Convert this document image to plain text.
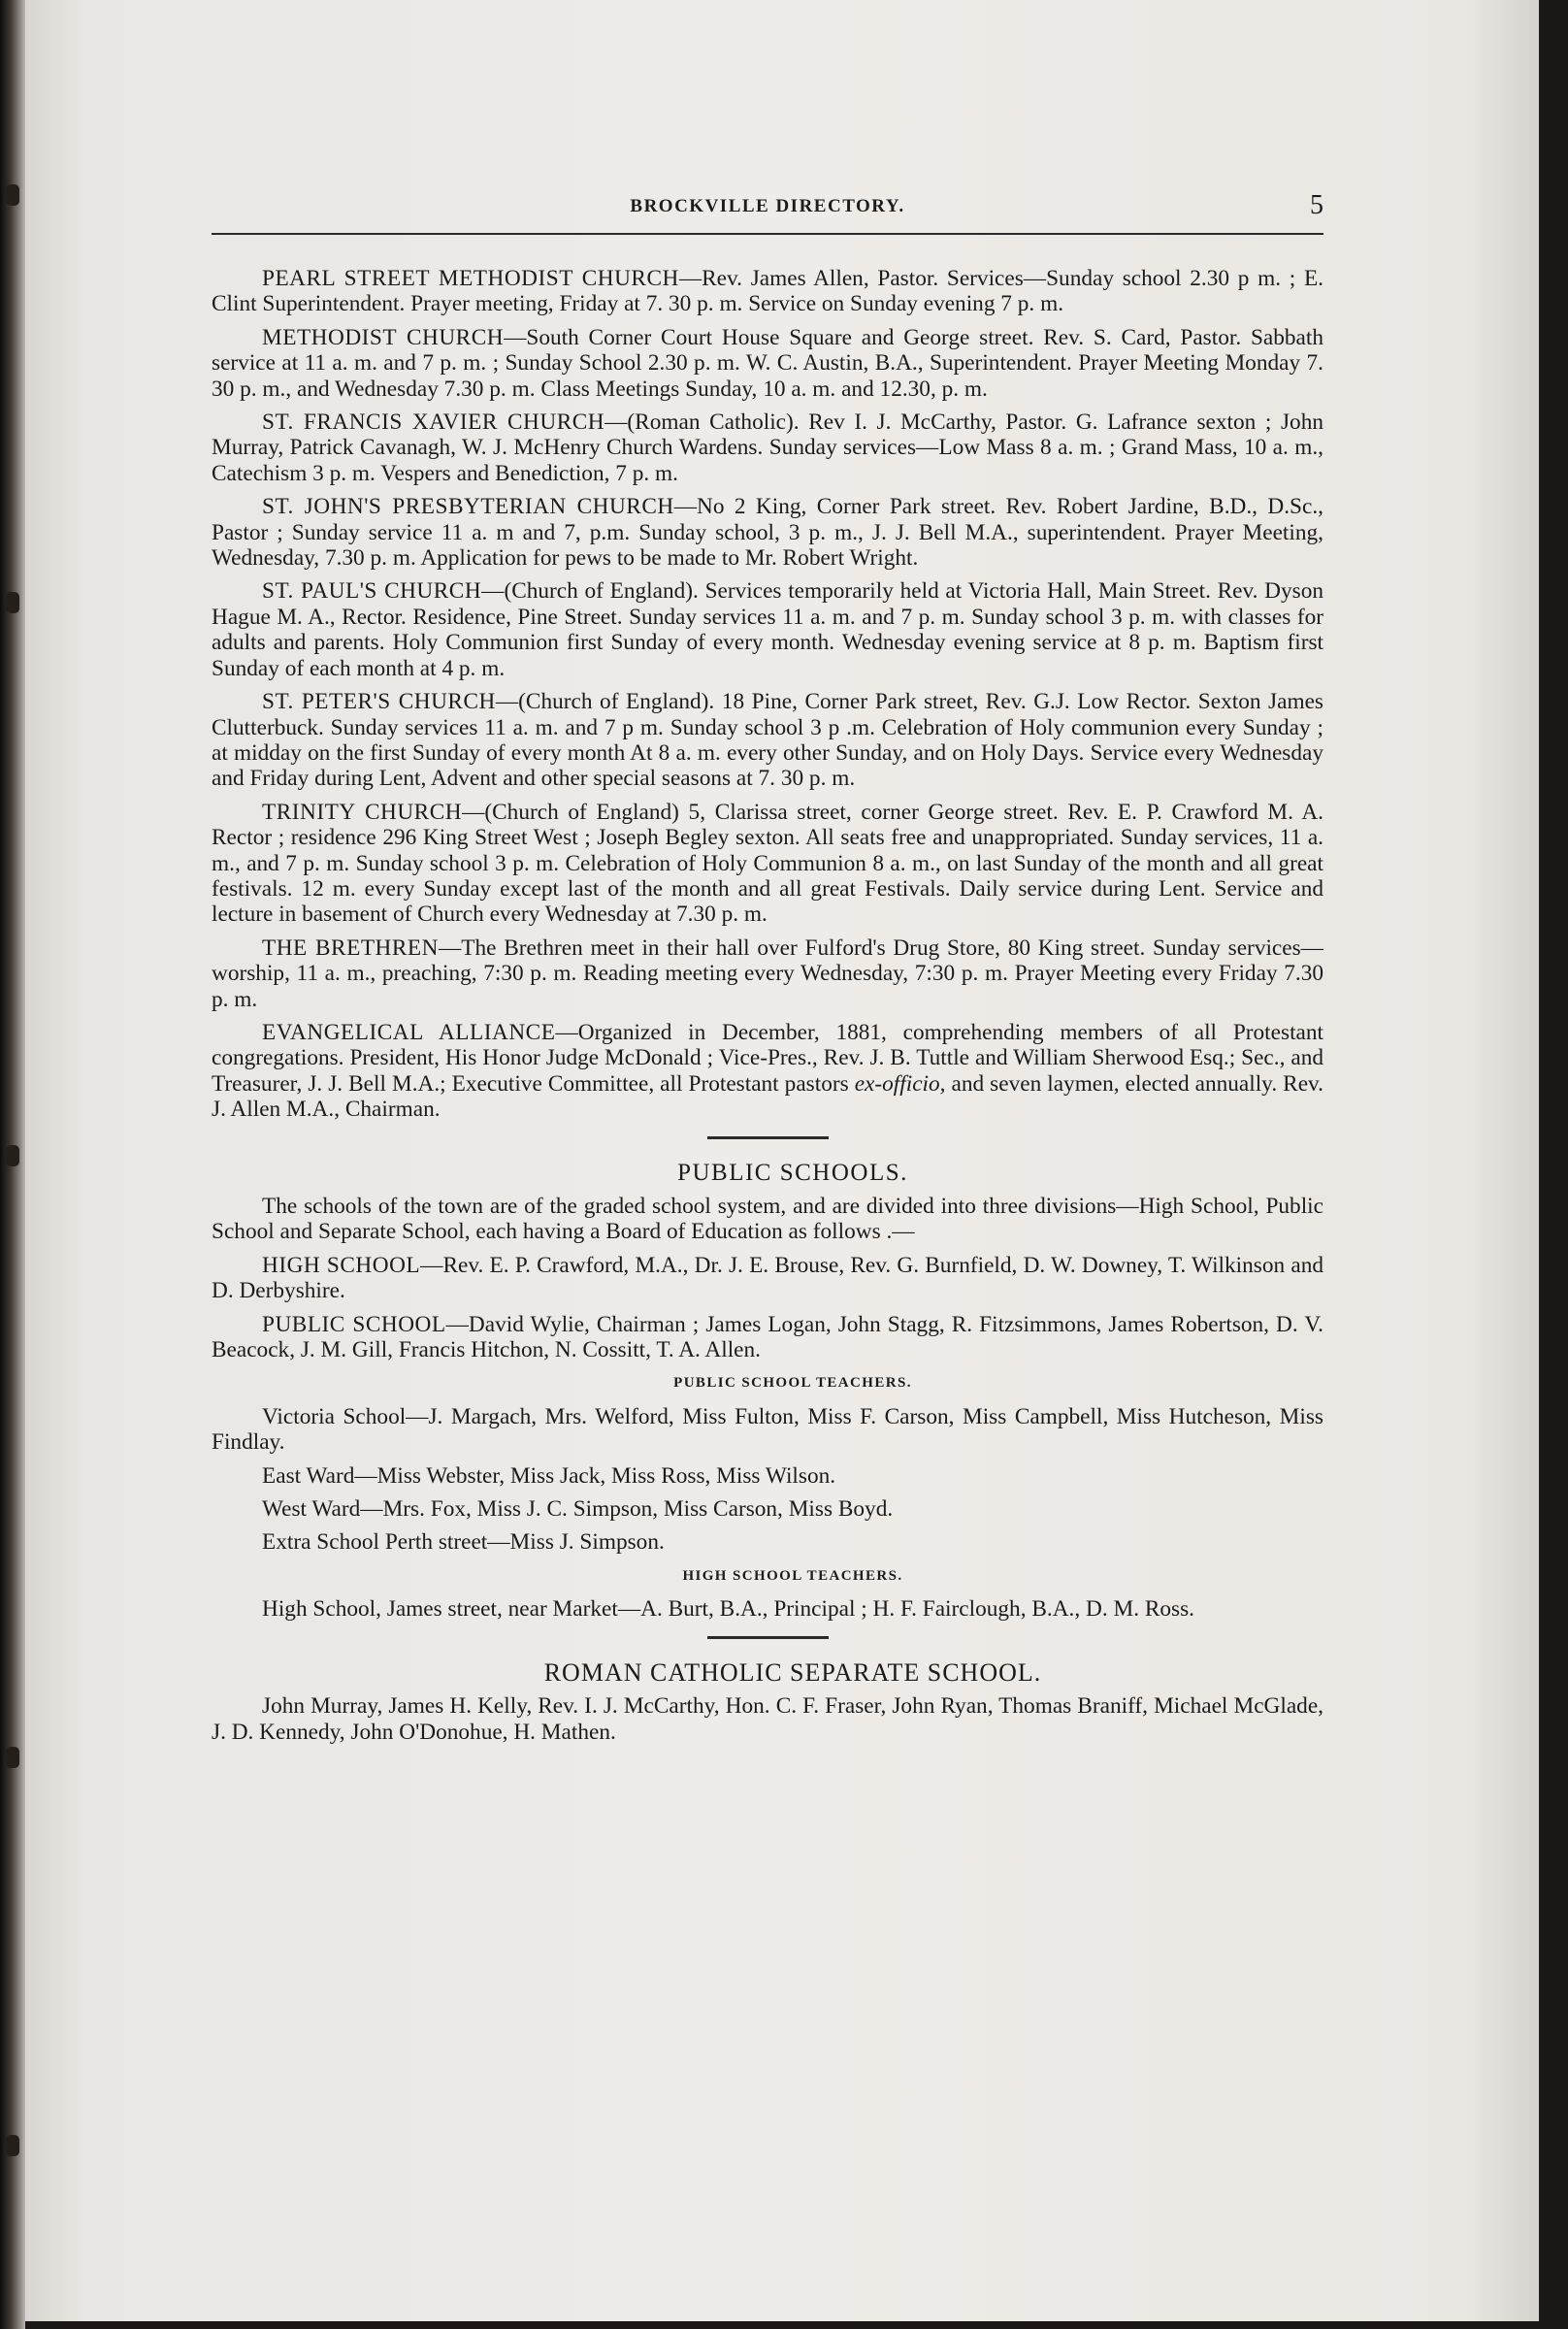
BROCKVILLE DIRECTORY.	5

PEARL STREET METHODIST CHURCH—Rev. James Allen, Pastor. Services—Sunday school 2.30 p m. ; E. Clint Superintendent. Prayer meeting, Friday at 7. 30 p. m. Service on Sunday evening 7 p. m.

METHODIST CHURCH—South Corner Court House Square and George street. Rev. S. Card, Pastor. Sabbath service at 11 a. m. and 7 p. m. ; Sunday School 2.30 p. m. W. C. Austin, B.A., Superintendent. Prayer Meeting Monday 7. 30 p. m., and Wednesday 7.30 p. m. Class Meetings Sunday, 10 a. m. and 12.30, p. m.

ST. FRANCIS XAVIER CHURCH—(Roman Catholic). Rev I. J. McCarthy, Pastor. G. Lafrance sexton ; John Murray, Patrick Cavanagh, W. J. McHenry Church Wardens. Sunday services—Low Mass 8 a. m. ; Grand Mass, 10 a. m., Catechism 3 p. m. Vespers and Benediction, 7 p. m.

ST. JOHN'S PRESBYTERIAN CHURCH—No 2 King, Corner Park street. Rev. Robert Jardine, B.D., D.Sc., Pastor ; Sunday service 11 a. m and 7, p.m. Sunday school, 3 p. m., J. J. Bell M.A., superintendent. Prayer Meeting, Wednesday, 7.30 p. m. Application for pews to be made to Mr. Robert Wright.

ST. PAUL'S CHURCH—(Church of England). Services temporarily held at Victoria Hall, Main Street. Rev. Dyson Hague M. A., Rector. Residence, Pine Street. Sunday services 11 a. m. and 7 p. m. Sunday school 3 p. m. with classes for adults and parents. Holy Communion first Sunday of every month. Wednesday evening service at 8 p. m. Baptism first Sunday of each month at 4 p. m.

ST. PETER'S CHURCH—(Church of England). 18 Pine, Corner Park street, Rev. G.J. Low Rector. Sexton James Clutterbuck. Sunday services 11 a. m. and 7 p m. Sunday school 3 p .m. Celebration of Holy communion every Sunday ; at midday on the first Sunday of every month At 8 a. m. every other Sunday, and on Holy Days. Service every Wednesday and Friday during Lent, Advent and other special seasons at 7. 30 p. m.

TRINITY CHURCH—(Church of England) 5, Clarissa street, corner George street. Rev. E. P. Crawford M. A. Rector ; residence 296 King Street West ; Joseph Begley sexton. All seats free and unappropriated. Sunday services, 11 a. m., and 7 p. m. Sunday school 3 p. m. Celebration of Holy Communion 8 a. m., on last Sunday of the month and all great festivals. 12 m. every Sunday except last of the month and all great Festivals. Daily service during Lent. Service and lecture in basement of Church every Wednesday at 7.30 p. m.

THE BRETHREN—The Brethren meet in their hall over Fulford's Drug Store, 80 King street. Sunday services—worship, 11 a. m., preaching, 7:30 p. m. Reading meeting every Wednesday, 7:30 p. m. Prayer Meeting every Friday 7.30 p. m.

EVANGELICAL ALLIANCE—Organized in December, 1881, comprehending members of all Protestant congregations. President, His Honor Judge McDonald ; Vice-Pres., Rev. J. B. Tuttle and William Sherwood Esq.; Sec., and Treasurer, J. J. Bell M.A.; Executive Committee, all Protestant pastors ex-officio, and seven laymen, elected annually. Rev. J. Allen M.A., Chairman.

PUBLIC SCHOOLS.

The schools of the town are of the graded school system, and are divided into three divisions—High School, Public School and Separate School, each having a Board of Education as follows .—

HIGH SCHOOL—Rev. E. P. Crawford, M.A., Dr. J. E. Brouse, Rev. G. Burnfield, D. W. Downey, T. Wilkinson and D. Derbyshire.

PUBLIC SCHOOL—David Wylie, Chairman ; James Logan, John Stagg, R. Fitzsimmons, James Robertson, D. V. Beacock, J. M. Gill, Francis Hitchon, N. Cossitt, T. A. Allen.

PUBLIC SCHOOL TEACHERS.

Victoria School—J. Margach, Mrs. Welford, Miss Fulton, Miss F. Carson, Miss Campbell, Miss Hutcheson, Miss Findlay.

East Ward—Miss Webster, Miss Jack, Miss Ross, Miss Wilson.

West Ward—Mrs. Fox, Miss J. C. Simpson, Miss Carson, Miss Boyd.

Extra School Perth street—Miss J. Simpson.

HIGH SCHOOL TEACHERS.

High School, James street, near Market—A. Burt, B.A., Principal ; H. F. Fairclough, B.A., D. M. Ross.

ROMAN CATHOLIC SEPARATE SCHOOL.

John Murray, James H. Kelly, Rev. I. J. McCarthy, Hon. C. F. Fraser, John Ryan, Thomas Braniff, Michael McGlade, J. D. Kennedy, John O'Donohue, H. Mathen.
